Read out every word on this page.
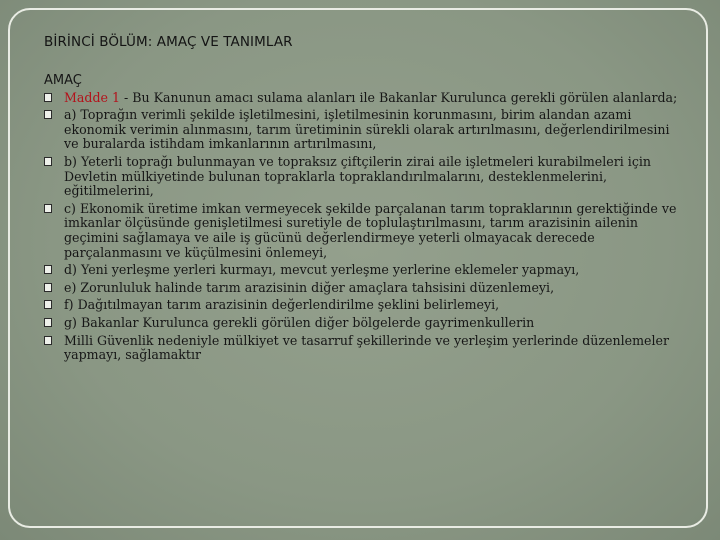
BİRİNCİ BÖLÜM: AMAÇ VE TANIMLAR
AMAÇ
Madde 1 - Bu Kanunun amacı sulama alanları ile Bakanlar Kurulunca gerekli görülen alanlarda;
a) Toprağın verimli şekilde işletilmesini, işletilmesinin korunmasını, birim alandan azami ekonomik verimin alınmasını, tarım üretiminin sürekli olarak artırılmasını, değerlendirilmesini ve buralarda istihdam imkanlarının artırılmasını,
b) Yeterli toprağı bulunmayan ve topraksız çiftçilerin zirai aile işletmeleri kurabilmeleri için Devletin mülkiyetinde bulunan topraklarla topraklandırılmalarını, desteklenmelerini, eğitilmelerini,
c) Ekonomik üretime imkan vermeyecek şekilde parçalanan tarım topraklarının gerektiğinde ve imkanlar ölçüsünde genişletilmesi suretiyle de toplulaştırılmasını, tarım arazisinin ailenin geçimini sağlamaya ve aile iş gücünü değerlendirmeye yeterli olmayacak derecede parçalanmasını ve küçülmesini önlemeyi,
d) Yeni yerleşme yerleri kurmayı, mevcut yerleşme yerlerine eklemeler yapmayı,
e) Zorunluluk halinde tarım arazisinin diğer amaçlara tahsisini düzenlemeyi,
f) Dağıtılmayan tarım arazisinin değerlendirilme şeklini belirlemeyi,
g) Bakanlar Kurulunca gerekli görülen diğer bölgelerde gayrimenkullerin
Milli Güvenlik nedeniyle mülkiyet ve tasarruf şekillerinde ve yerleşim yerlerinde düzenlemeler yapmayı, sağlamaktır
